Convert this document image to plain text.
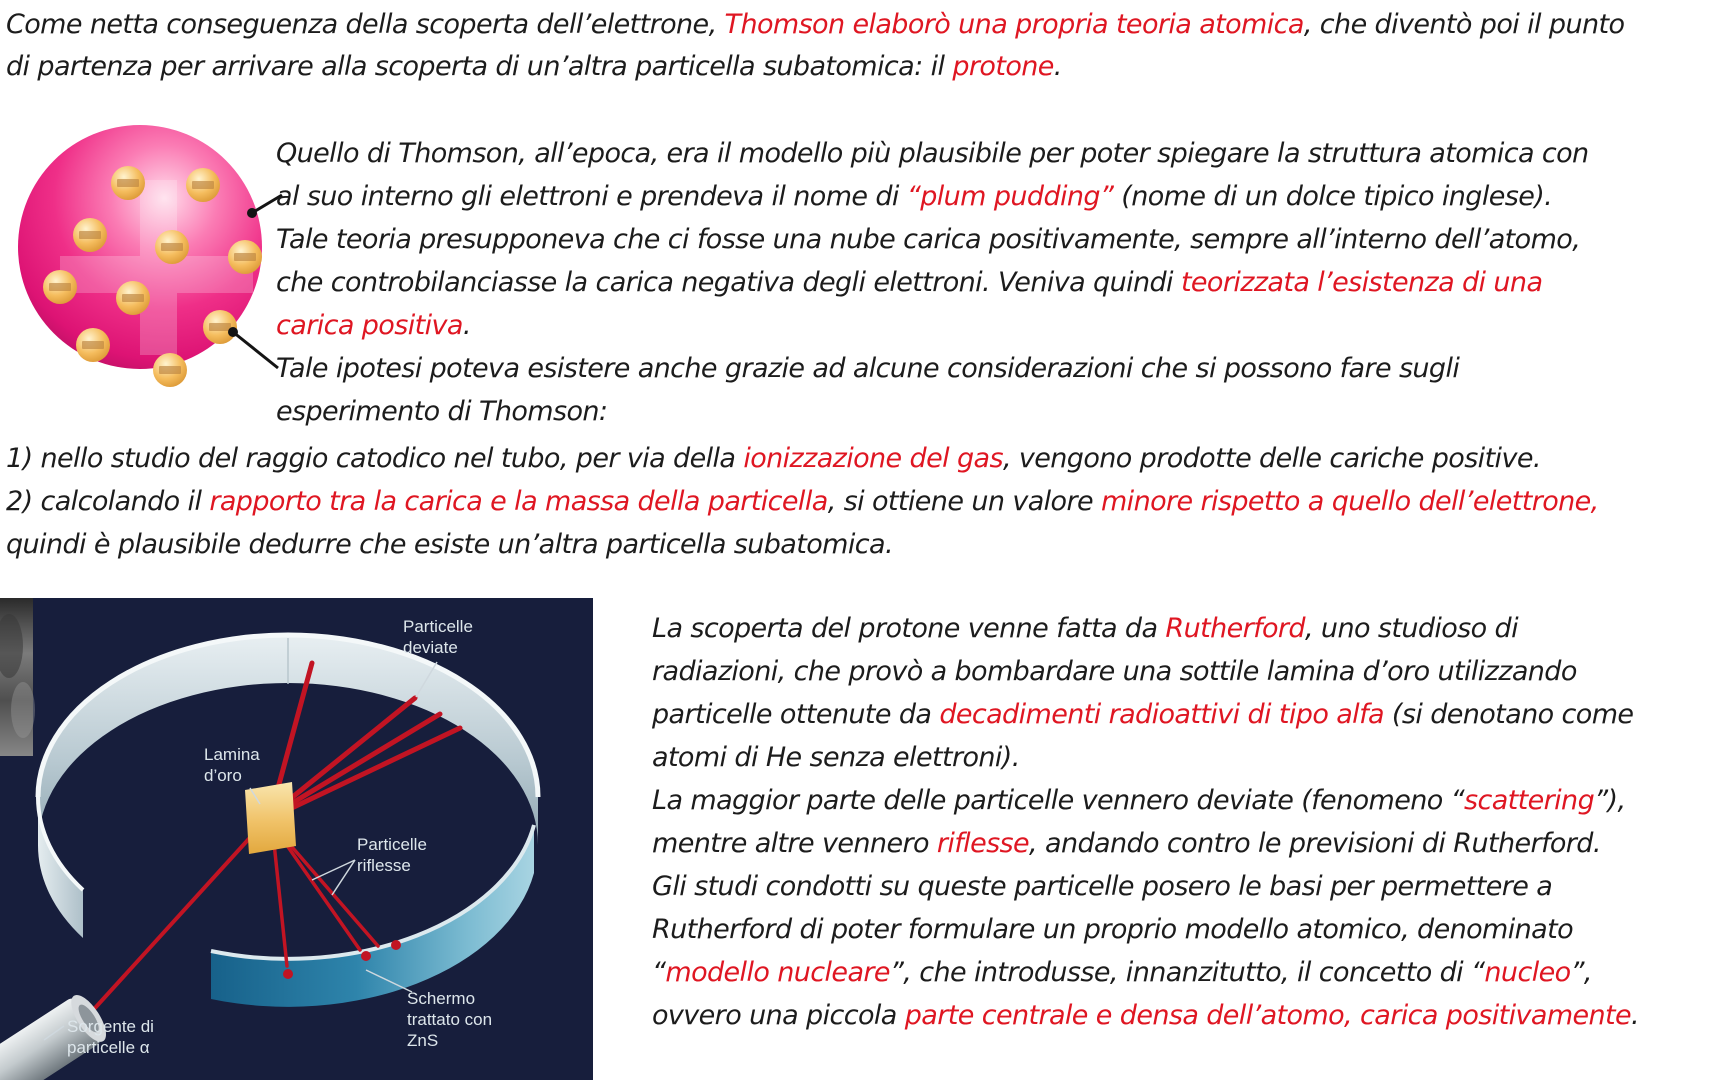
Come netta conseguenza della scoperta dell’elettrone, Thomson elaborò una propria teoria atomica, che diventò poi il punto
di partenza per arrivare alla scoperta di un’altra particella subatomica: il protone.
Quello di Thomson, all’epoca, era il modello più plausibile per poter spiegare la struttura atomica con
al suo interno gli elettroni e prendeva il nome di “plum pudding” (nome di un dolce tipico inglese).
Tale teoria presupponeva che ci fosse una nube carica positivamente, sempre all’interno dell’atomo,
che controbilanciasse la carica negativa degli elettroni. Veniva quindi teorizzata l’esistenza di una
carica positiva.
Tale ipotesi poteva esistere anche grazie ad alcune considerazioni che si possono fare sugli
esperimento di Thomson:
1) nello studio del raggio catodico nel tubo, per via della ionizzazione del gas, vengono prodotte delle cariche positive.
2) calcolando il rapporto tra la carica e la massa della particella, si ottiene un valore minore rispetto a quello dell’elettrone,
quindi è plausibile dedurre che esiste un’altra particella subatomica.
Particelle
deviate
Lamina
d’oro
Particelle
riflesse
Schermo
trattato con
ZnS
Sorgente di
particelle α
La scoperta del protone venne fatta da Rutherford, uno studioso di
radiazioni, che provò a bombardare una sottile lamina d’oro utilizzando
particelle ottenute da decadimenti radioattivi di tipo alfa (si denotano come
atomi di He senza elettroni).
La maggior parte delle particelle vennero deviate (fenomeno “scattering”),
mentre altre vennero riflesse, andando contro le previsioni di Rutherford.
Gli studi condotti su queste particelle posero le basi per permettere a
Rutherford di poter formulare un proprio modello atomico, denominato
“modello nucleare”, che introdusse, innanzitutto, il concetto di “nucleo”,
ovvero una piccola parte centrale e densa dell’atomo, carica positivamente.
